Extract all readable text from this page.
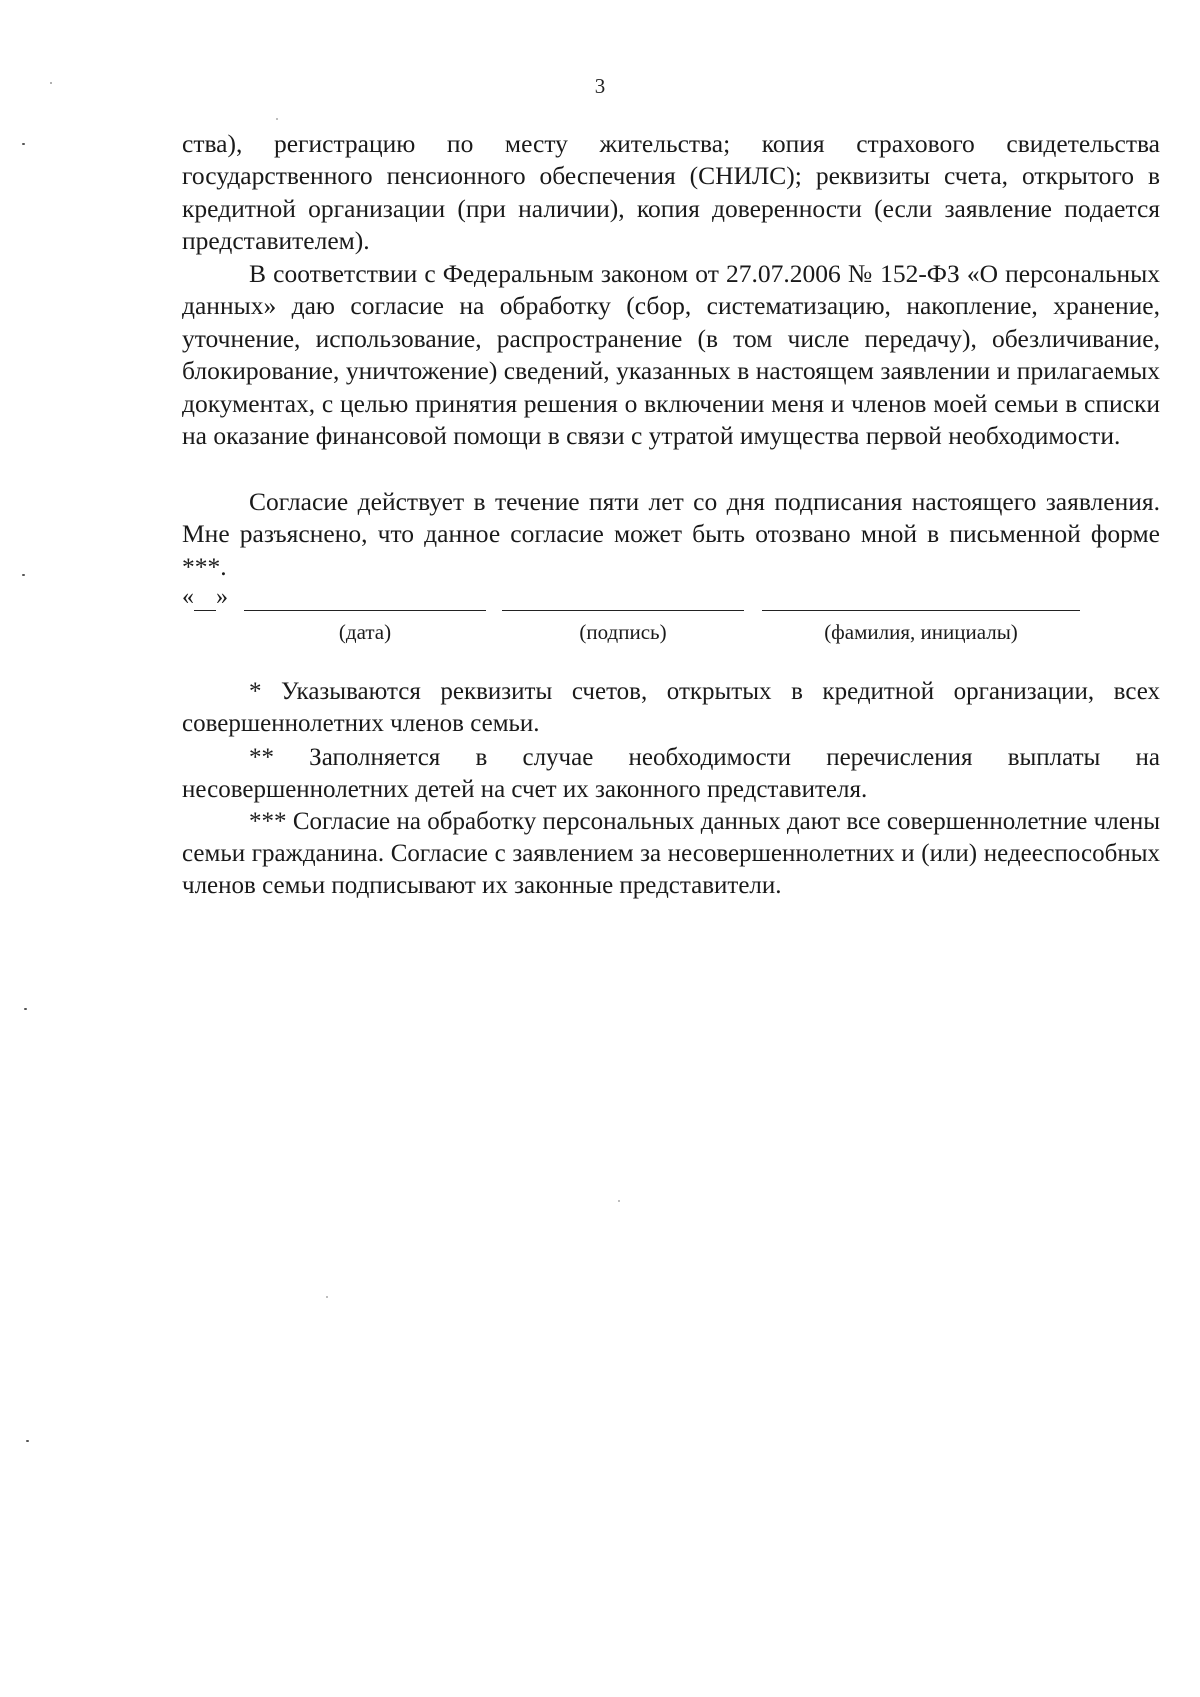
3

ства), регистрацию по месту жительства; копия страхового свидетельства государственного пенсионного обеспечения (СНИЛС); реквизиты счета, открытого в кредитной организации (при наличии), копия доверенности (если заявление подается представителем).

В соответствии с Федеральным законом от 27.07.2006 № 152-ФЗ «О персональных данных» даю согласие на обработку (сбор, систематизацию, накопление, хранение, уточнение, использование, распространение (в том числе передачу), обезличивание, блокирование, уничтожение) сведений, указанных в настоящем заявлении и прилагаемых документах, с целью принятия решения о включении меня и членов моей семьи в списки на оказание финансовой помощи в связи с утратой имущества первой необходимости.

Согласие действует в течение пяти лет со дня подписания настоящего заявления. Мне разъяснено, что данное согласие может быть отозвано мной в письменной форме ***.

« »
(дата)	(подпись)	(фамилия, инициалы)

* Указываются реквизиты счетов, открытых в кредитной организации, всех совершеннолетних членов семьи.

** Заполняется в случае необходимости перечисления выплаты на несовершеннолетних детей на счет их законного представителя.

*** Согласие на обработку персональных данных дают все совершеннолетние члены семьи гражданина. Согласие с заявлением за несовершеннолетних и (или) недееспособных членов семьи подписывают их законные представители.
